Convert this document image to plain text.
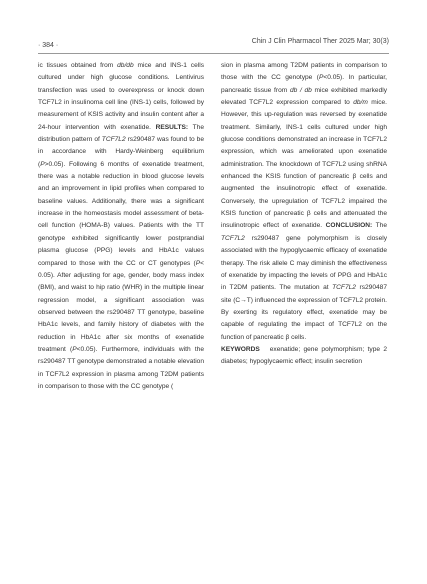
· 384 ·
Chin J Clin Pharmacol Ther 2025 Mar; 30(3)

ic tissues obtained from db/db mice and INS-1 cells cultured under high glucose conditions. Lentivirus transfection was used to overexpress or knock down TCF7L2 in insulinoma cell line (INS-1) cells, followed by measurement of KSIS activity and insulin content after a 24-hour intervention with exenatide. RESULTS: The distribution pattern of TCF7L2 rs290487 was found to be in accordance with Hardy-Weinberg equilibrium (P>0.05). Following 6 months of exenatide treatment, there was a notable reduction in blood glucose levels and an improvement in lipid profiles when compared to baseline values. Additionally, there was a significant increase in the homeostasis model assessment of beta-cell function (HOMA-B) values. Patients with the TT genotype exhibited significantly lower postprandial plasma glucose (PPG) levels and HbA1c values compared to those with the CC or CT genotypes (P< 0.05). After adjusting for age, gender, body mass index (BMI), and waist to hip ratio (WHR) in the multiple linear regression model, a significant association was observed between the rs290487 TT genotype, baseline HbA1c levels, and family history of diabetes with the reduction in HbA1c after six months of exenatide treatment (P<0.05). Furthermore, individuals with the rs290487 TT genotype demonstrated a notable elevation in TCF7L2 expression in plasma among T2DM patients in comparison to those with the CC genotype (

sion in plasma among T2DM patients in comparison to those with the CC genotype (P<0.05). In particular, pancreatic tissue from db / db mice exhibited markedly elevated TCF7L2 expression compared to db/m mice. However, this up-regulation was reversed by exenatide treatment. Similarly, INS-1 cells cultured under high glucose conditions demonstrated an increase in TCF7L2 expression, which was ameliorated upon exenatide administration. The knockdown of TCF7L2 using shRNA enhanced the KSIS function of pancreatic β cells and augmented the insulinotropic effect of exenatide. Conversely, the upregulation of TCF7L2 impaired the KSIS function of pancreatic β cells and attenuated the insulinotropic effect of exenatide. CONCLUSION: The TCF7L2 rs290487 gene polymorphism is closely associated with the hypoglycaemic efficacy of exenatide therapy. The risk allele C may diminish the effectiveness of exenatide by impacting the levels of PPG and HbA1c in T2DM patients. The mutation at TCF7L2 rs290487 site (C→T) influenced the expression of TCF7L2 protein. By exerting its regulatory effect, exenatide may be capable of regulating the impact of TCF7L2 on the function of pancreatic β cells.

KEYWORDS exenatide; gene polymorphism; type 2 diabetes; hypoglycaemic effect; insulin secretion
